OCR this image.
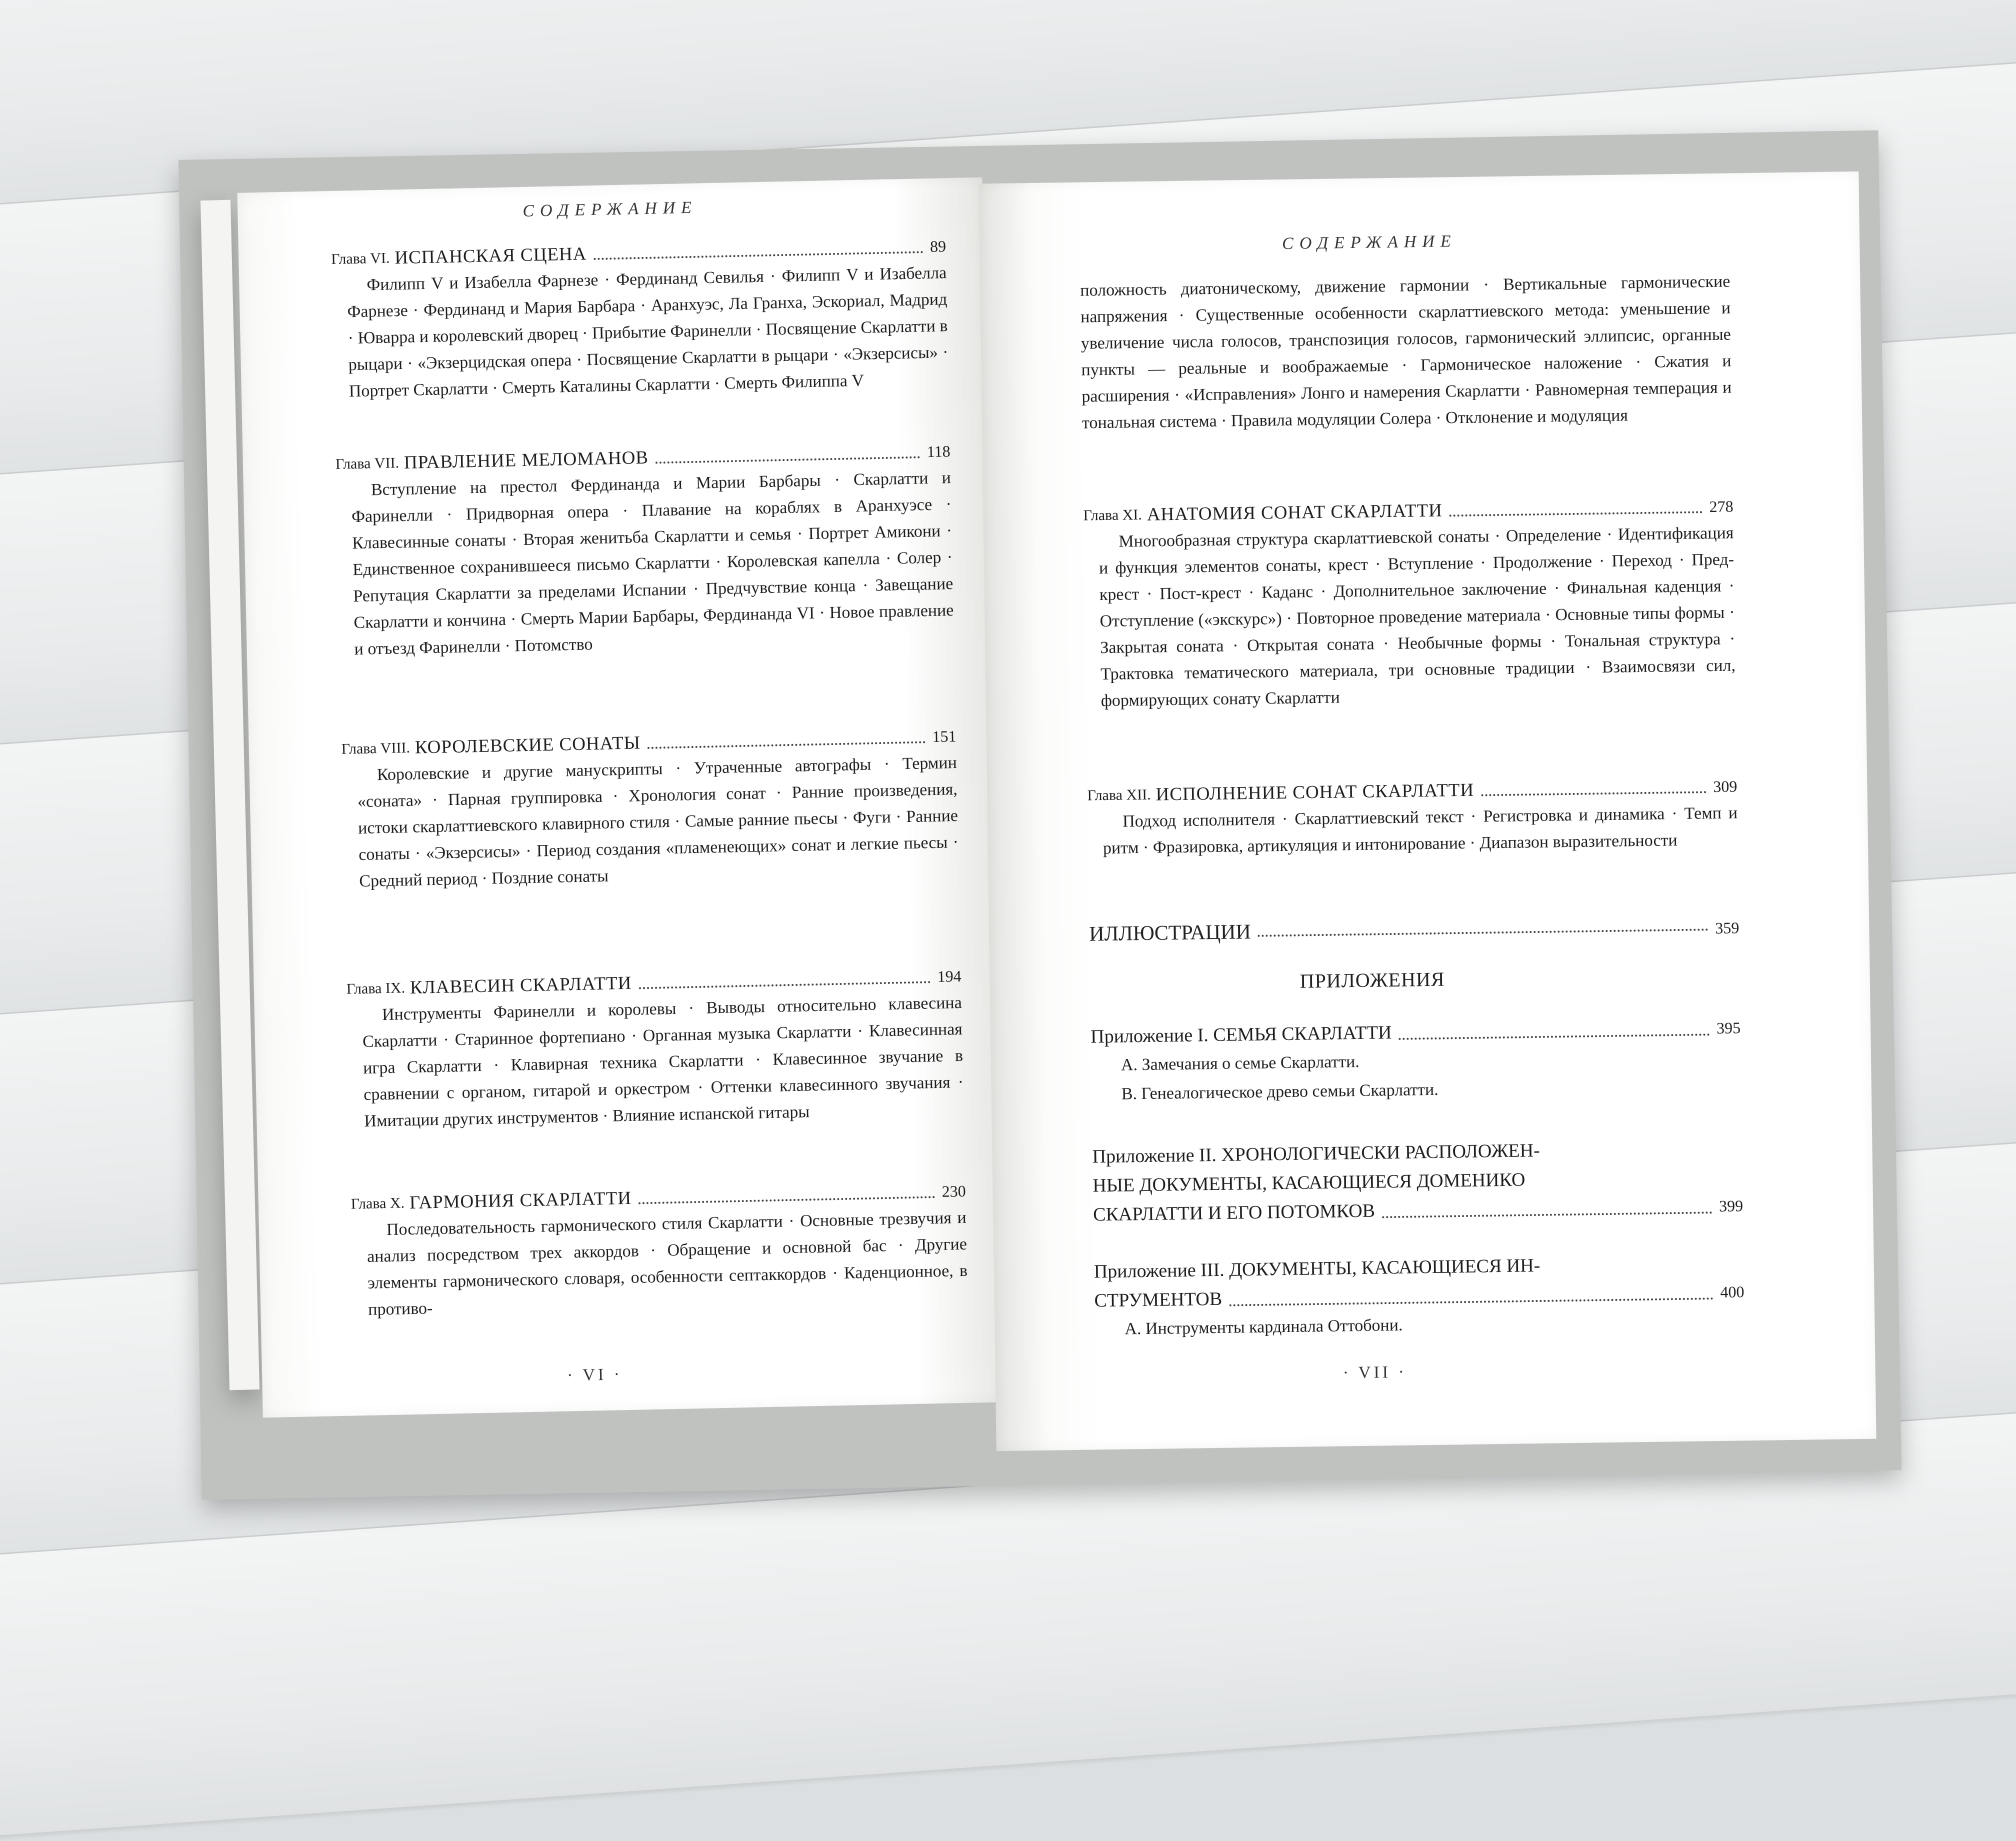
СОДЕРЖАНИЕ
Глава VI. ИСПАНСКАЯ СЦЕНА	89
Филипп V и Изабелла Фарнезе · Фердинанд Севилья · Филипп V и Изабелла Фарнезе · Фердинанд и Мария Барбара · Аранхуэс, Ла Гранха, Эскориал, Мадрид · Юварра и королевский дворец · Прибытие Фаринелли · Посвящение Скарлатти в рыцари · «Экзерцидская опера · Посвящение Скарлатти в рыцари · «Экзерсисы» · Портрет Скарлатти · Смерть Каталины Скарлатти · Смерть Филиппа V
Глава VII. ПРАВЛЕНИЕ МЕЛОМАНОВ	118
Вступление на престол Фердинанда и Марии Барбары · Скарлатти и Фаринелли · Придворная опера · Плавание на кораблях в Аранхуэсе · Клавесинные сонаты · Вторая женитьба Скарлатти и семья · Портрет Амикони · Единственное сохранившееся письмо Скарлатти · Королевская капелла · Солер · Репутация Скарлатти за пределами Испании · Предчувствие конца · Завещание Скарлатти и кончина · Смерть Марии Барбары, Фердинанда VI · Новое правление и отъезд Фаринелли · Потомство
Глава VIII. КОРОЛЕВСКИЕ СОНАТЫ	151
Королевские и другие манускрипты · Утраченные автографы · Термин «соната» · Парная группировка · Хронология сонат · Ранние произведения, истоки скарлаттиевского клавирного стиля · Самые ранние пьесы · Фуги · Ранние сонаты · «Экзерсисы» · Период создания «пламенеющих» сонат и легкие пьесы · Средний период · Поздние сонаты
Глава IX. КЛАВЕСИН СКАРЛАТТИ	194
Инструменты Фаринелли и королевы · Выводы относительно клавесина Скарлатти · Старинное фортепиано · Органная музыка Скарлатти · Клавесинная игра Скарлатти · Клавирная техника Скарлатти · Клавесинное звучание в сравнении с органом, гитарой и оркестром · Оттенки клавесинного звучания · Имитации других инструментов · Влияние испанской гитары
Глава X. ГАРМОНИЯ СКАРЛАТТИ	230
Последовательность гармонического стиля Скарлатти · Основные трезвучия и анализ посредством трех аккордов · Обращение и основной бас · Другие элементы гармонического словаря, особенности септаккордов · Каденционное, в противо-
· VI ·
СОДЕРЖАНИЕ
положность диатоническому, движение гармонии · Вертикальные гармонические напряжения · Существенные особенности скарлаттиевского метода: уменьшение и увеличение числа голосов, транспозиция голосов, гармонический эллипсис, органные пункты — реальные и воображаемые · Гармоническое наложение · Сжатия и расширения · «Исправления» Лонго и намерения Скарлатти · Равномерная темперация и тональная система · Правила модуляции Солера · Отклонение и модуляция
Глава XI. АНАТОМИЯ СОНАТ СКАРЛАТТИ	278
Многообразная структура скарлаттиевской сонаты · Определение · Идентификация и функция элементов сонаты, крест · Вступление · Продолжение · Переход · Пред-крест · Пост-крест · Каданс · Дополнительное заключение · Финальная каденция · Отступление («экскурс») · Повторное проведение материала · Основные типы формы · Закрытая соната · Открытая соната · Необычные формы · Тональная структура · Трактовка тематического материала, три основные традиции · Взаимосвязи сил, формирующих сонату Скарлатти
Глава XII. ИСПОЛНЕНИЕ СОНАТ СКАРЛАТТИ	309
Подход исполнителя · Скарлаттиевский текст · Регистровка и динамика · Темп и ритм · Фразировка, артикуляция и интонирование · Диапазон выразительности
ИЛЛЮСТРАЦИИ	359
ПРИЛОЖЕНИЯ
Приложение I. СЕМЬЯ СКАРЛАТТИ	395
А. Замечания о семье Скарлатти.
В. Генеалогическое древо семьи Скарлатти.
Приложение II. ХРОНОЛОГИЧЕСКИ РАСПОЛОЖЕН-
НЫЕ ДОКУМЕНТЫ, КАСАЮЩИЕСЯ ДОМЕНИКО
СКАРЛАТТИ И ЕГО ПОТОМКОВ	399
Приложение III. ДОКУМЕНТЫ, КАСАЮЩИЕСЯ ИН-
СТРУМЕНТОВ	400
А. Инструменты кардинала Оттобони.
· VII ·
